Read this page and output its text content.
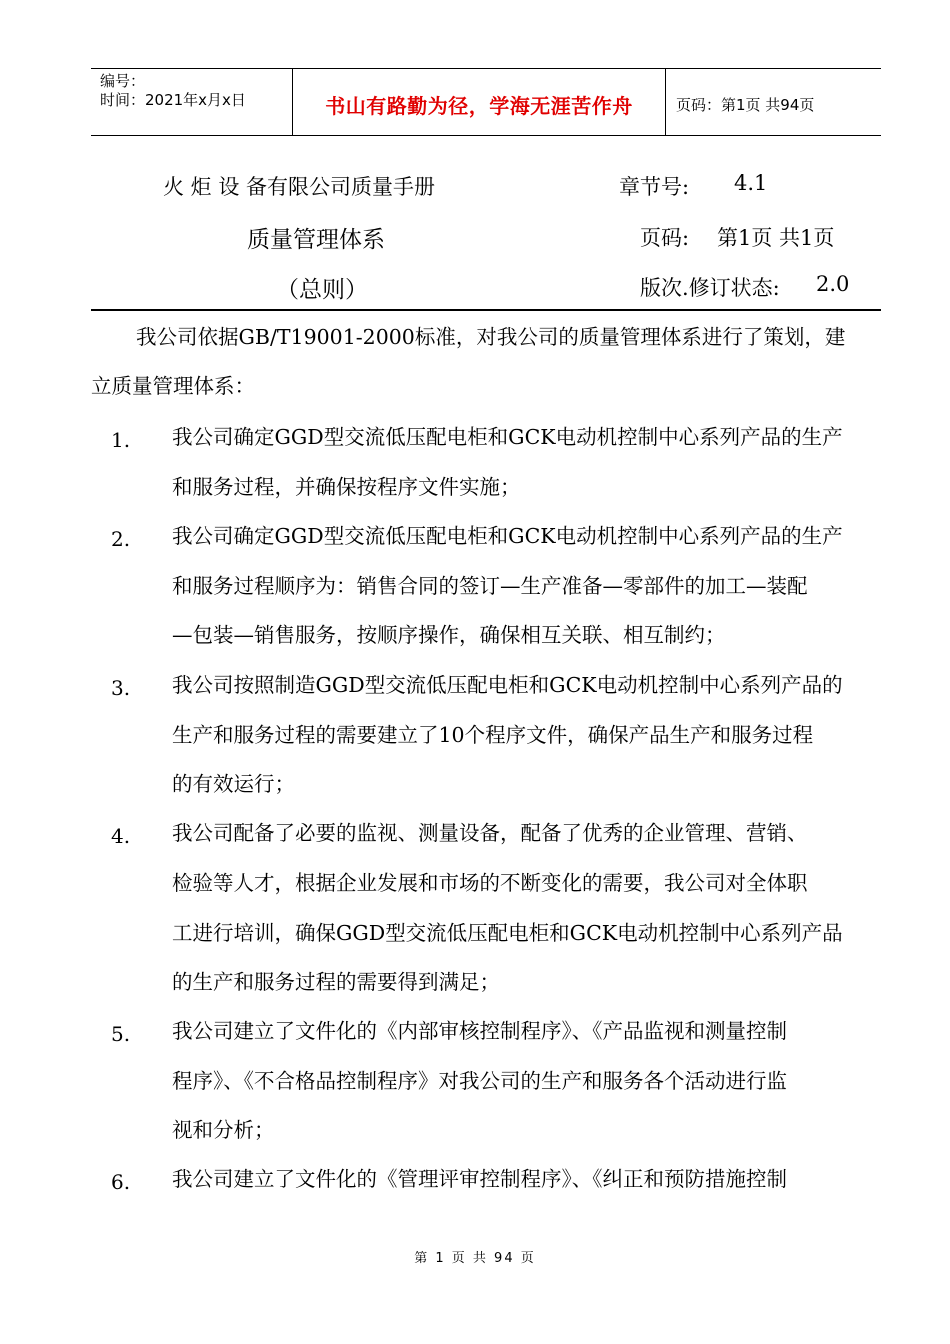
编号：
时间：2021年x月x日	书山有路勤为径，学海无涯苦作舟	页码：第1页 共94页
火 炬 设 备有限公司质量手册	章节号: 4.1
质量管理体系	页码: 第1页 共1页
（总则）	版次.修订状态: 2.0
我公司依据GB/T19001-2000标准，对我公司的质量管理体系进行了策划，建
立质量管理体系：
1. 我公司确定GGD型交流低压配电柜和GCK电动机控制中心系列产品的生产
和服务过程，并确保按程序文件实施；
2. 我公司确定GGD型交流低压配电柜和GCK电动机控制中心系列产品的生产
和服务过程顺序为：销售合同的签订—生产准备—零部件的加工—装配
—包装—销售服务，按顺序操作，确保相互关联、相互制约；
3. 我公司按照制造GGD型交流低压配电柜和GCK电动机控制中心系列产品的
生产和服务过程的需要建立了10个程序文件，确保产品生产和服务过程
的有效运行；
4. 我公司配备了必要的监视、测量设备，配备了优秀的企业管理、营销、
检验等人才，根据企业发展和市场的不断变化的需要，我公司对全体职
工进行培训，确保GGD型交流低压配电柜和GCK电动机控制中心系列产品
的生产和服务过程的需要得到满足；
5. 我公司建立了文件化的《内部审核控制程序》、《产品监视和测量控制
程序》、《不合格品控制程序》对我公司的生产和服务各个活动进行监
视和分析；
6. 我公司建立了文件化的《管理评审控制程序》、《纠正和预防措施控制
第 1 页 共 94 页
